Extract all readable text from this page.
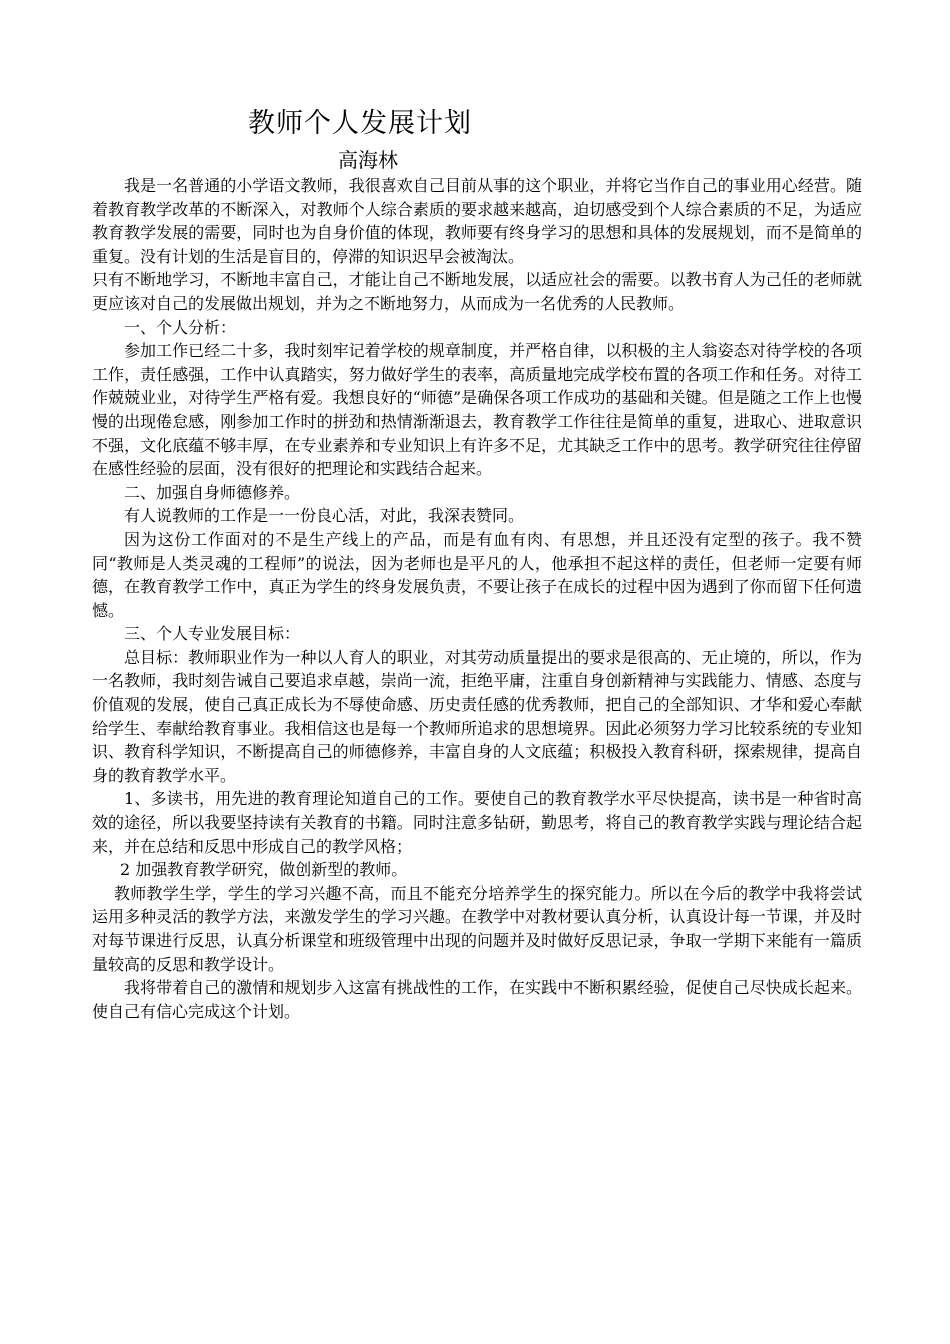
教师个人发展计划
高海林

我是一名普通的小学语文教师，我很喜欢自己目前从事的这个职业，并将它当作自己的事业用心经营。随着教育教学改革的不断深入，对教师个人综合素质的要求越来越高，迫切感受到个人综合素质的不足，为适应教育教学发展的需要，同时也为自身价值的体现，教师要有终身学习的思想和具体的发展规划，而不是简单的重复。没有计划的生活是盲目的，停滞的知识迟早会被淘汰。

只有不断地学习，不断地丰富自己，才能让自己不断地发展，以适应社会的需要。以教书育人为己任的老师就更应该对自己的发展做出规划，并为之不断地努力，从而成为一名优秀的人民教师。

一、个人分析：

参加工作已经二十多，我时刻牢记着学校的规章制度，并严格自律，以积极的主人翁姿态对待学校的各项工作，责任感强，工作中认真踏实，努力做好学生的表率，高质量地完成学校布置的各项工作和任务。对待工作兢兢业业，对待学生严格有爱。我想良好的“师德”是确保各项工作成功的基础和关键。但是随之工作上也慢慢的出现倦怠感，刚参加工作时的拼劲和热情渐渐退去，教育教学工作往往是简单的重复，进取心、进取意识不强，文化底蕴不够丰厚，在专业素养和专业知识上有许多不足，尤其缺乏工作中的思考。教学研究往往停留在感性经验的层面，没有很好的把理论和实践结合起来。

二、加强自身师德修养。

有人说教师的工作是一一份良心活，对此，我深表赞同。

因为这份工作面对的不是生产线上的产品，而是有血有肉、有思想，并且还没有定型的孩子。我不赞同“教师是人类灵魂的工程师”的说法，因为老师也是平凡的人，他承担不起这样的责任，但老师一定要有师德，在教育教学工作中，真正为学生的终身发展负责，不要让孩子在成长的过程中因为遇到了你而留下任何遗憾。

三、个人专业发展目标：

总目标：教师职业作为一种以人育人的职业，对其劳动质量提出的要求是很高的、无止境的，所以，作为一名教师，我时刻告诫自己要追求卓越，崇尚一流，拒绝平庸，注重自身创新精神与实践能力、情感、态度与价值观的发展，使自己真正成长为不辱使命感、历史责任感的优秀教师，把自己的全部知识、才华和爱心奉献给学生、奉献给教育事业。我相信这也是每一个教师所追求的思想境界。因此必须努力学习比较系统的专业知识、教育科学知识，不断提高自己的师德修养，丰富自身的人文底蕴；积极投入教育科研，探索规律，提高自身的教育教学水平。

1、多读书，用先进的教育理论知道自己的工作。要使自己的教育教学水平尽快提高，读书是一种省时高效的途径，所以我要坚持读有关教育的书籍。同时注意多钻研，勤思考，将自己的教育教学实践与理论结合起来，并在总结和反思中形成自己的教学风格；

2 加强教育教学研究，做创新型的教师。

教师教学生学，学生的学习兴趣不高，而且不能充分培养学生的探究能力。所以在今后的教学中我将尝试运用多种灵活的教学方法，来激发学生的学习兴趣。在教学中对教材要认真分析，认真设计每一节课，并及时对每节课进行反思，认真分析课堂和班级管理中出现的问题并及时做好反思记录，争取一学期下来能有一篇质量较高的反思和教学设计。

我将带着自己的激情和规划步入这富有挑战性的工作，在实践中不断积累经验，促使自己尽快成长起来。使自己有信心完成这个计划。
